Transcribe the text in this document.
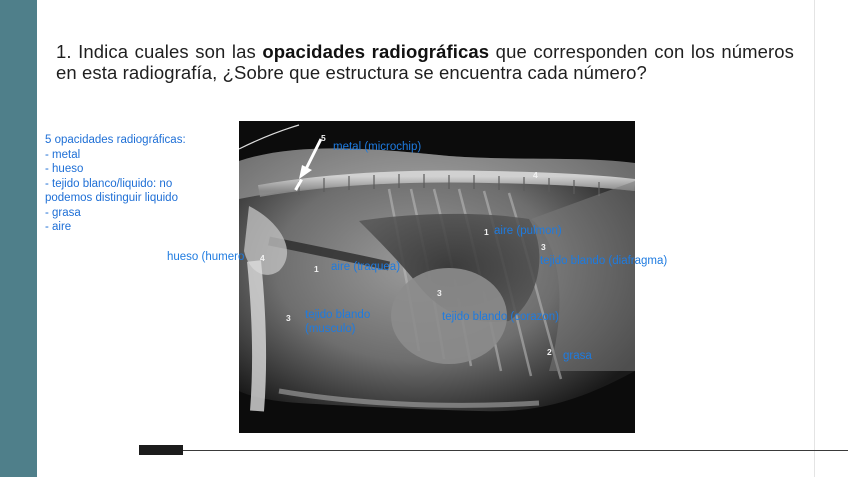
1. Indica cuales son las opacidades radiográficas que corresponden con los números en esta radiografía, ¿Sobre que estructura se encuentra cada número?
5 opacidades radiográficas:
- metal
- hueso
- tejido blanco/liquido: no
podemos distinguir liquido
- grasa
- aire
5
4
4
1
3
1
3
3
2
metal (microchip)
hueso (humero
aire (pulmon)
tejido blando (diafragma)
aire (traquea)
tejido blando
(musculo)
tejido blando (corazon)
grasa
